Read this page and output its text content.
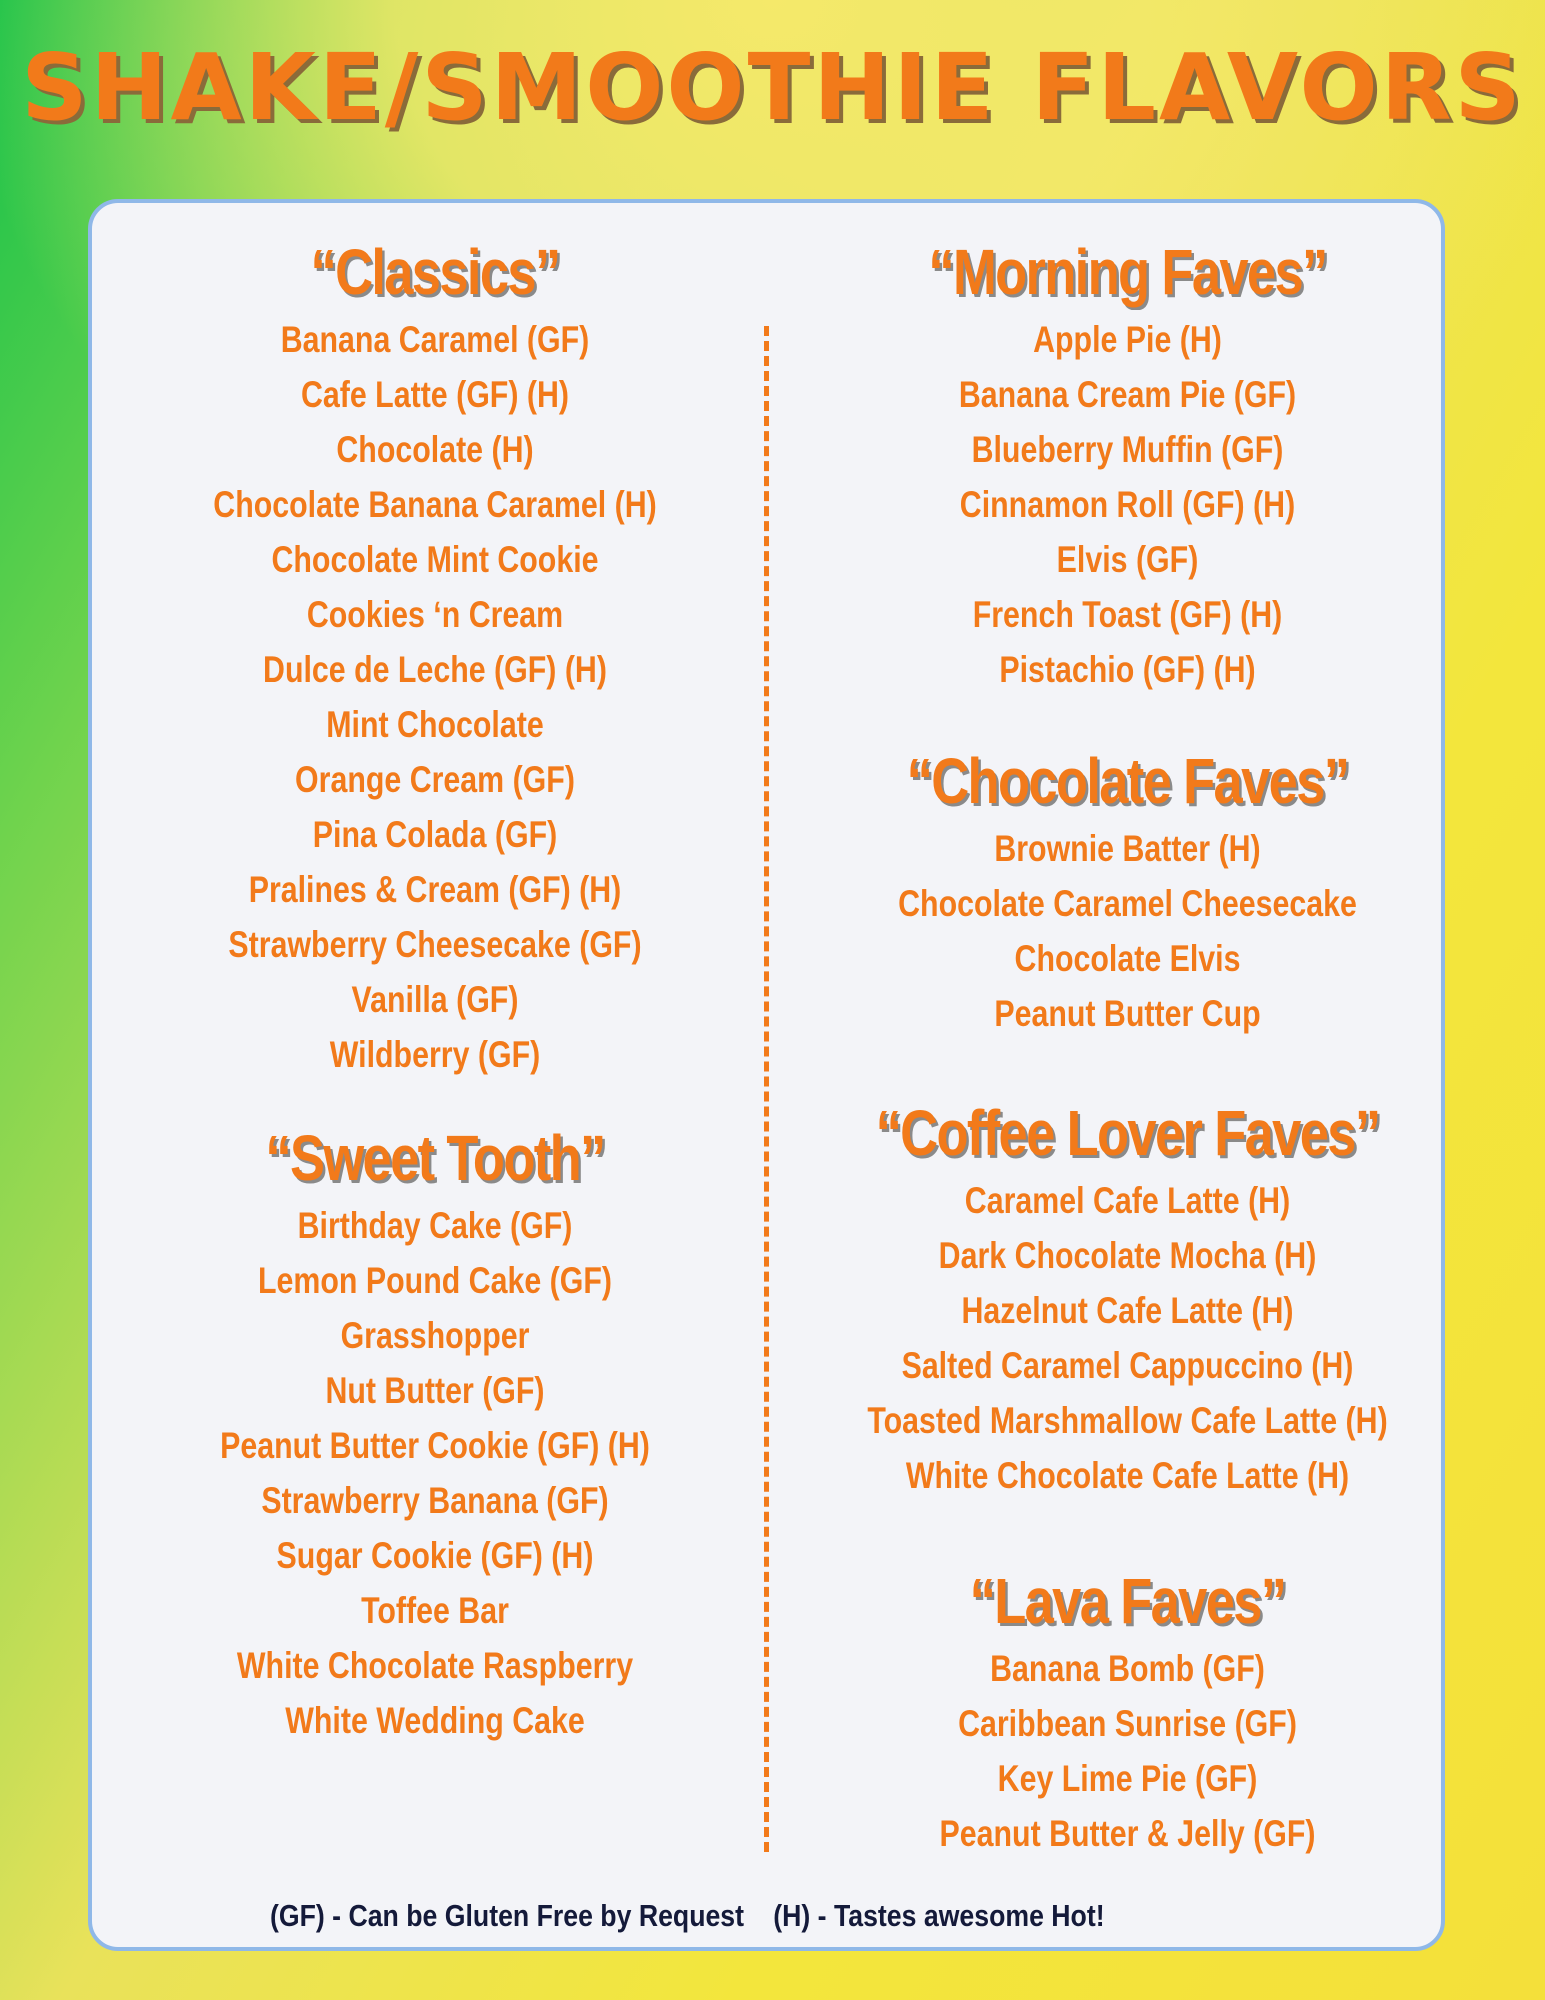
SHAKE/SMOOTHIE FLAVORS
“Classics”
Banana Caramel (GF)
Cafe Latte (GF) (H)
Chocolate (H)
Chocolate Banana Caramel (H)
Chocolate Mint Cookie
Cookies ‘n Cream
Dulce de Leche (GF) (H)
Mint Chocolate
Orange Cream (GF)
Pina Colada (GF)
Pralines & Cream (GF) (H)
Strawberry Cheesecake (GF)
Vanilla (GF)
Wildberry (GF)
“Sweet Tooth”
Birthday Cake (GF)
Lemon Pound Cake (GF)
Grasshopper
Nut Butter (GF)
Peanut Butter Cookie (GF) (H)
Strawberry Banana (GF)
Sugar Cookie (GF) (H)
Toffee Bar
White Chocolate Raspberry
White Wedding Cake
“Morning Faves”
Apple Pie (H)
Banana Cream Pie (GF)
Blueberry Muffin (GF)
Cinnamon Roll (GF) (H)
Elvis (GF)
French Toast (GF) (H)
Pistachio (GF) (H)
“Chocolate Faves”
Brownie Batter (H)
Chocolate Caramel Cheesecake
Chocolate Elvis
Peanut Butter Cup
“Coffee Lover Faves”
Caramel Cafe Latte (H)
Dark Chocolate Mocha (H)
Hazelnut Cafe Latte (H)
Salted Caramel Cappuccino (H)
Toasted Marshmallow Cafe Latte (H)
White Chocolate Cafe Latte (H)
“Lava Faves”
Banana Bomb (GF)
Caribbean Sunrise (GF)
Key Lime Pie (GF)
Peanut Butter & Jelly (GF)
(GF) - Can be Gluten Free by Request (H) - Tastes awesome Hot!
